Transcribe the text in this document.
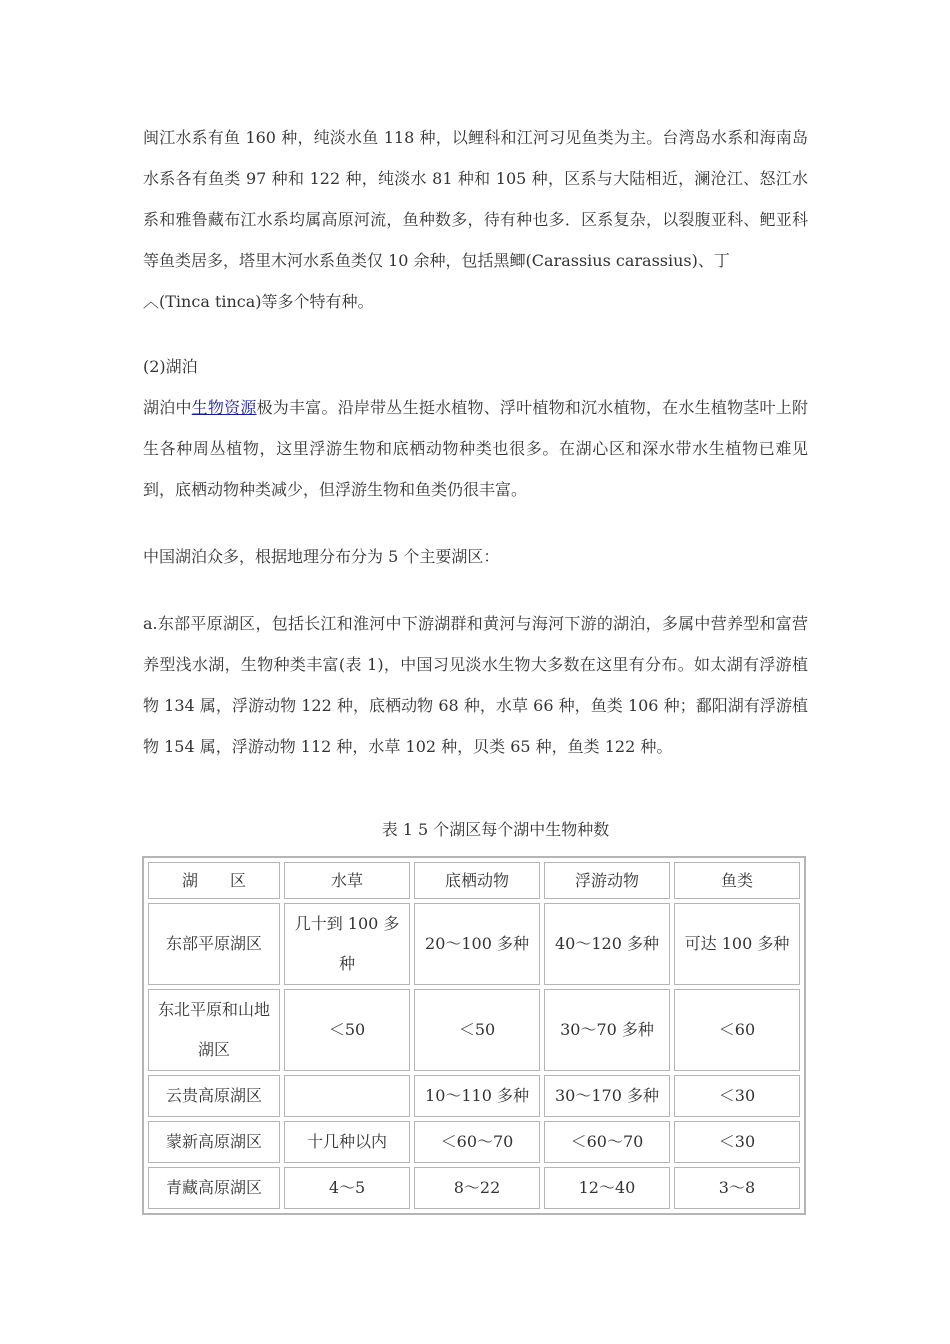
闽江水系有鱼 160 种，纯淡水鱼 118 种，以鲤科和江河习见鱼类为主。台湾岛水系和海南岛水系各有鱼类 97 种和 122 种，纯淡水 81 种和 105 种，区系与大陆相近，澜沧江、怒江水系和雅鲁藏布江水系均属高原河流，鱼种数多，待有种也多．区系复杂，以裂腹亚科、鲃亚科等鱼类居多，塔里木河水系鱼类仅 10 余种，包括黑鲫(Carassius carassius)、丁
︿(Tinca tinca)等多个特有种。

(2)湖泊

湖泊中生物资源极为丰富。沿岸带丛生挺水植物、浮叶植物和沉水植物，在水生植物茎叶上附生各种周丛植物，这里浮游生物和底栖动物种类也很多。在湖心区和深水带水生植物已难见到，底栖动物种类减少，但浮游生物和鱼类仍很丰富。

中国湖泊众多，根据地理分布分为 5 个主要湖区：

a.东部平原湖区，包括长江和淮河中下游湖群和黄河与海河下游的湖泊，多属中营养型和富营养型浅水湖，生物种类丰富(表 1)，中国习见淡水生物大多数在这里有分布。如太湖有浮游植物 134 属，浮游动物 122 种，底栖动物 68 种，水草 66 种，鱼类 106 种；鄱阳湖有浮游植物 154 属，浮游动物 112 种，水草 102 种，贝类 65 种，鱼类 122 种。

表 1 5 个湖区每个湖中生物种数

湖　　区	水草	底栖动物	浮游动物	鱼类
东部平原湖区	几十到 100 多种	20～100 多种	40～120 多种	可达 100 多种
东北平原和山地湖区	＜50	＜50	30～70 多种	＜60
云贵高原湖区		10～110 多种	30～170 多种	＜30
蒙新高原湖区	十几种以内	＜60～70	＜60～70	＜30
青藏高原湖区	4～5	8～22	12～40	3～8
